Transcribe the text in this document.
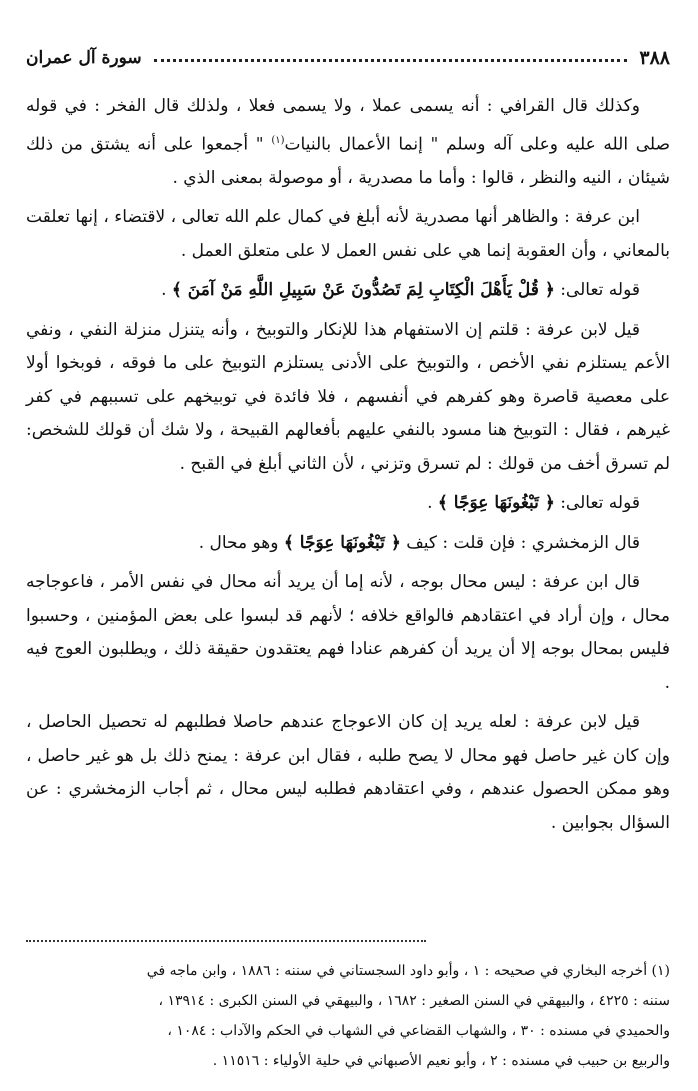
٣٨٨
سورة آل عمران

وكذلك قال القرافي : أنه يسمى عملا ، ولا يسمى فعلا ، ولذلك قال الفخر : في قوله صلى الله عليه وعلى آله وسلم " إنما الأعمال بالنيات$^{(١)}$ " أجمعوا على أنه يشتق من ذلك شيئان ، النيه والنظر ، قالوا : وأما ما مصدرية ، أو موصولة بمعنى الذي .

ابن عرفة : والظاهر أنها مصدرية لأنه أبلغ في كمال علم الله تعالى ، لاقتضاء ، إنها تعلقت بالمعاني ، وأن العقوبة إنما هي على نفس العمل لا على متعلق العمل .

قوله تعالى: ﴿ قُلْ يَأَهْلَ الْكِتَابِ لِمَ تَصُدُّونَ عَنْ سَبِيلِ اللَّهِ مَنْ آمَنَ ﴾ .

قيل لابن عرفة : قلتم إن الاستفهام هذا للإنكار والتوبيخ ، وأنه يتنزل منزلة النفي ، ونفي الأعم يستلزم نفي الأخص ، والتوبيخ على الأدنى يستلزم التوبيخ على ما فوقه ، فوبخوا أولا على معصية قاصرة وهو كفرهم في أنفسهم ، فلا فائدة في توبيخهم على تسببهم في كفر غيرهم ، فقال : التوبيخ هنا مسود بالنفي عليهم بأفعالهم القبيحة ، ولا شك أن قولك للشخص: لم تسرق أخف من قولك : لم تسرق وتزني ، لأن الثاني أبلغ في القبح .

قوله تعالى: ﴿ تَبْغُونَهَا عِوَجًا ﴾ .

قال الزمخشري : فإن قلت : كيف ﴿ تَبْغُونَهَا عِوَجًا ﴾ وهو محال .

قال ابن عرفة : ليس محال بوجه ، لأنه إما أن يريد أنه محال في نفس الأمر ، فاعوجاجه محال ، وإن أراد في اعتقادهم فالواقع خلافه ؛ لأنهم قد لبسوا على بعض المؤمنين ، وحسبوا فليس بمحال بوجه إلا أن يريد أن كفرهم عنادا فهم يعتقدون حقيقة ذلك ، ويطلبون العوج فيه .

قيل لابن عرفة : لعله يريد إن كان الاعوجاج عندهم حاصلا فطلبهم له تحصيل الحاصل ، وإن كان غير حاصل فهو محال لا يصح طلبه ، فقال ابن عرفة : يمنح ذلك بل هو غير حاصل ، وهو ممكن الحصول عندهم ، وفي اعتقادهم فطلبه ليس محال ، ثم أجاب الزمخشري : عن السؤال بجوابين .

(١) أخرجه البخاري في صحيحه : ١ ، وأبو داود السجستاني في سننه : ١٨٨٦ ، وابن ماجه في

سننه : ٤٢٢٥ ، والبيهقي في السنن الصغير : ١٦٨٢ ، والبيهقي في السنن الكبرى : ١٣٩١٤ ،

والحميدي في مسنده : ٣٠ ، والشهاب القضاعي في الشهاب في الحكم والآداب : ١٠٨٤ ،

والربيع بن حبيب في مسنده : ٢ ، وأبو نعيم الأصبهاني في حلية الأولياء : ١١٥١٦ .
